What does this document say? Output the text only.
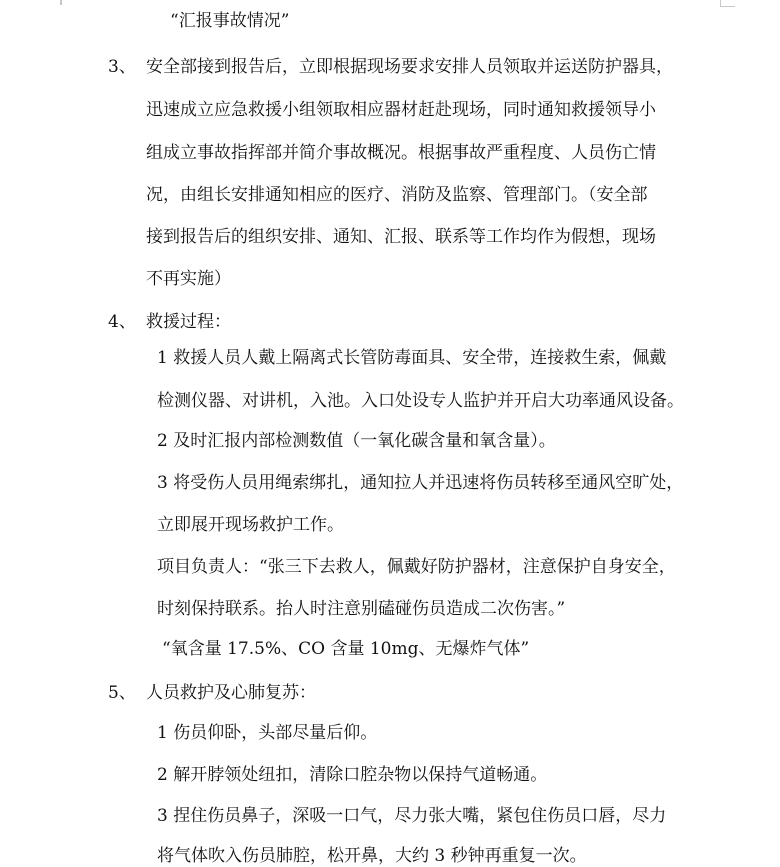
“汇报事故情况”
3、 安全部接到报告后，立即根据现场要求安排人员领取并运送防护器具，
迅速成立应急救援小组领取相应器材赶赴现场，同时通知救援领导小
组成立事故指挥部并简介事故概况。根据事故严重程度、人员伤亡情
况，由组长安排通知相应的医疗、消防及监察、管理部门。（安全部
接到报告后的组织安排、通知、汇报、联系等工作均作为假想，现场
不再实施）
4、 救援过程：
1 救援人员人戴上隔离式长管防毒面具、安全带，连接救生索，佩戴
检测仪器、对讲机，入池。入口处设专人监护并开启大功率通风设备。
2 及时汇报内部检测数值（一氧化碳含量和氧含量）。
3 将受伤人员用绳索绑扎，通知拉人并迅速将伤员转移至通风空旷处，
立即展开现场救护工作。
项目负责人：“张三下去救人，佩戴好防护器材，注意保护自身安全，
时刻保持联系。抬人时注意别磕碰伤员造成二次伤害。”
“氧含量 17.5%、CO 含量 10mg、无爆炸气体”
5、 人员救护及心肺复苏：
1 伤员仰卧，头部尽量后仰。
2 解开脖领处纽扣，清除口腔杂物以保持气道畅通。
3 捏住伤员鼻子，深吸一口气，尽力张大嘴，紧包住伤员口唇，尽力
将气体吹入伤员肺腔，松开鼻，大约 3 秒钟再重复一次。
